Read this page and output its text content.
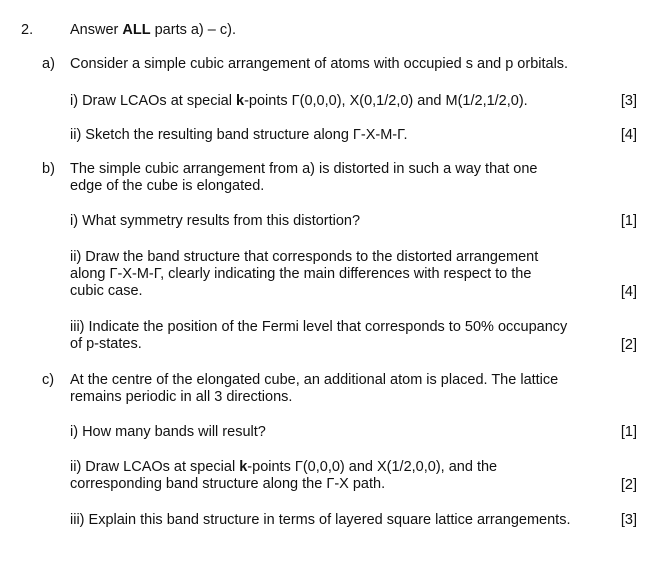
2.	Answer ALL parts a) – c).
a) Consider a simple cubic arrangement of atoms with occupied s and p orbitals.
i) Draw LCAOs at special k-points Γ(0,0,0), X(0,1/2,0) and M(1/2,1/2,0).	[3]
ii) Sketch the resulting band structure along Γ-X-M-Γ.	[4]
b) The simple cubic arrangement from a) is distorted in such a way that one
edge of the cube is elongated.
i) What symmetry results from this distortion?	[1]
ii) Draw the band structure that corresponds to the distorted arrangement
along Γ-X-M-Γ, clearly indicating the main differences with respect to the
cubic case.	[4]
iii) Indicate the position of the Fermi level that corresponds to 50% occupancy
of p-states.	[2]
c) At the centre of the elongated cube, an additional atom is placed. The lattice
remains periodic in all 3 directions.
i) How many bands will result?	[1]
ii) Draw LCAOs at special k-points Γ(0,0,0) and X(1/2,0,0), and the
corresponding band structure along the Γ-X path.	[2]
iii) Explain this band structure in terms of layered square lattice arrangements.	[3]
